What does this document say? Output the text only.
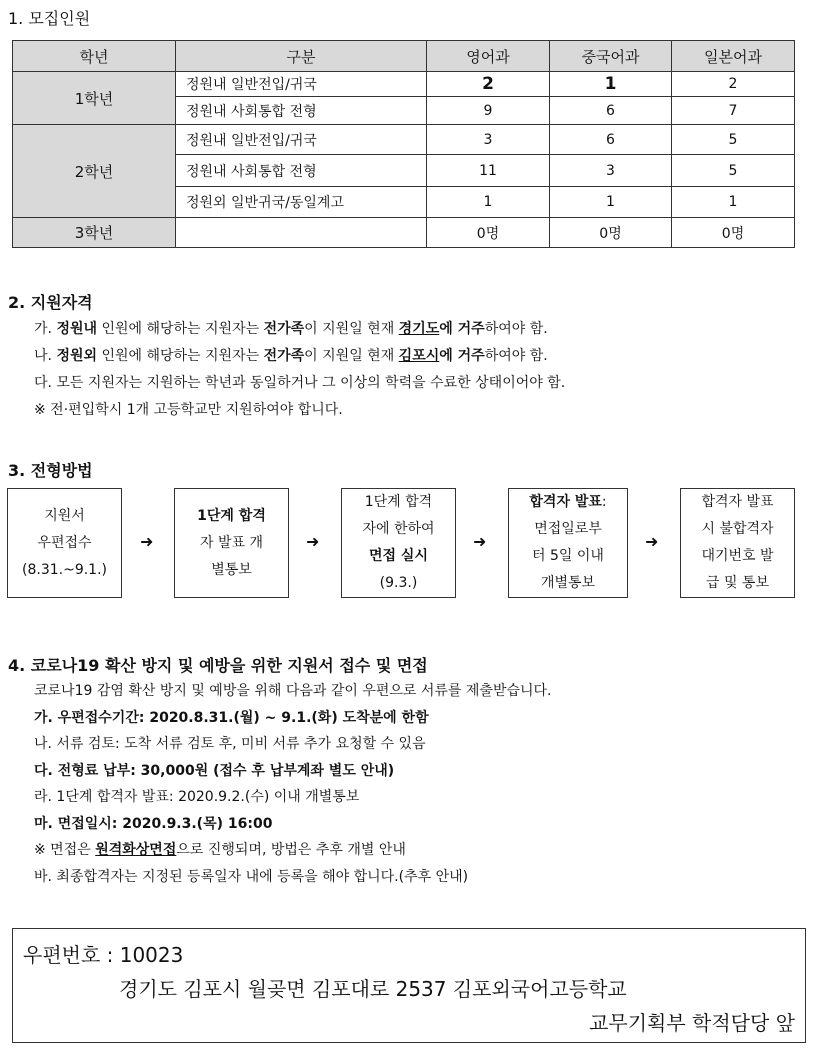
1. 모집인원
학년	구분	영어과	중국어과	일본어과
1학년	정원내 일반전입/귀국	2	1	2
	정원내 사회통합 전형	9	6	7
2학년	정원내 일반전입/귀국	3	6	5
	정원내 사회통합 전형	11	3	5
	정원외 일반귀국/동일계고	1	1	1
3학년		0명	0명	0명
2. 지원자격
가. 정원내 인원에 해당하는 지원자는 전가족이 지원일 현재 경기도에 거주하여야 함.
나. 정원외 인원에 해당하는 지원자는 전가족이 지원일 현재 김포시에 거주하여야 함.
다. 모든 지원자는 지원하는 학년과 동일하거나 그 이상의 학력을 수료한 상태이어야 함.
※ 전·편입학시 1개 고등학교만 지원하여야 합니다.
3. 전형방법
지원서
우편접수
(8.31.~9.1.)
➜
1단계 합격
자 발표 개
별통보
➜
1단계 합격
자에 한하여
면접 실시
(9.3.)
➜
합격자 발표:
면접일로부
터 5일 이내
개별통보
➜
합격자 발표
시 불합격자
대기번호 발
급 및 통보
4. 코로나19 확산 방지 및 예방을 위한 지원서 접수 및 면접
코로나19 감염 확산 방지 및 예방을 위해 다음과 같이 우편으로 서류를 제출받습니다.
가. 우편접수기간: 2020.8.31.(월) ~ 9.1.(화) 도착분에 한함
나. 서류 검토: 도착 서류 검토 후, 미비 서류 추가 요청할 수 있음
다. 전형료 납부: 30,000원 (접수 후 납부계좌 별도 안내)
라. 1단계 합격자 발표: 2020.9.2.(수) 이내 개별통보
마. 면접일시: 2020.9.3.(목) 16:00
※ 면접은 원격화상면접으로 진행되며, 방법은 추후 개별 안내
바. 최종합격자는 지정된 등록일자 내에 등록을 해야 합니다.(추후 안내)
우편번호 : 10023
경기도 김포시 월곶면 김포대로 2537 김포외국어고등학교
교무기획부 학적담당 앞
